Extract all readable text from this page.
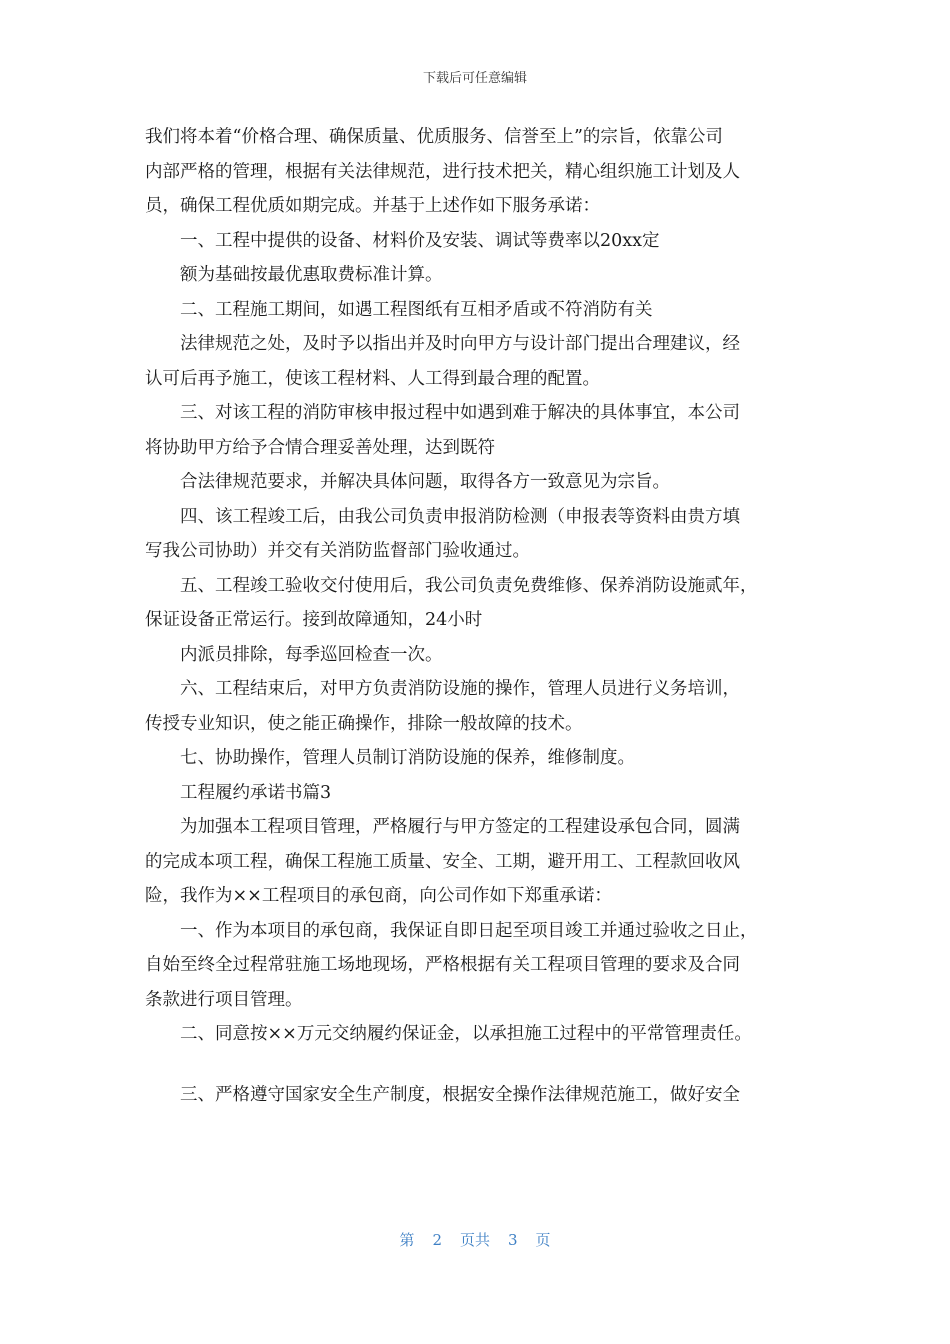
下载后可任意编辑
我们将本着“价格合理、确保质量、优质服务、信誉至上”的宗旨，依靠公司
内部严格的管理，根据有关法律规范，进行技术把关，精心组织施工计划及人
员，确保工程优质如期完成。并基于上述作如下服务承诺：
一、工程中提供的设备、材料价及安装、调试等费率以20xx定
额为基础按最优惠取费标准计算。
二、工程施工期间，如遇工程图纸有互相矛盾或不符消防有关
法律规范之处，及时予以指出并及时向甲方与设计部门提出合理建议，经
认可后再予施工，使该工程材料、人工得到最合理的配置。
三、对该工程的消防审核申报过程中如遇到难于解决的具体事宜，本公司
将协助甲方给予合情合理妥善处理，达到既符
合法律规范要求，并解决具体问题，取得各方一致意见为宗旨。
四、该工程竣工后，由我公司负责申报消防检测（申报表等资料由贵方填
写我公司协助）并交有关消防监督部门验收通过。
五、工程竣工验收交付使用后，我公司负责免费维修、保养消防设施贰年，
保证设备正常运行。接到故障通知，24小时
内派员排除，每季巡回检查一次。
六、工程结束后，对甲方负责消防设施的操作，管理人员进行义务培训，
传授专业知识，使之能正确操作，排除一般故障的技术。
七、协助操作，管理人员制订消防设施的保养，维修制度。
工程履约承诺书篇3
为加强本工程项目管理，严格履行与甲方签定的工程建设承包合同，圆满
的完成本项工程，确保工程施工质量、安全、工期，避开用工、工程款回收风
险，我作为××工程项目的承包商，向公司作如下郑重承诺：
一、作为本项目的承包商，我保证自即日起至项目竣工并通过验收之日止，
自始至终全过程常驻施工场地现场，严格根据有关工程项目管理的要求及合同
条款进行项目管理。
二、同意按××万元交纳履约保证金，以承担施工过程中的平常管理责任。
三、严格遵守国家安全生产制度，根据安全操作法律规范施工，做好安全
第 2 页共 3 页
